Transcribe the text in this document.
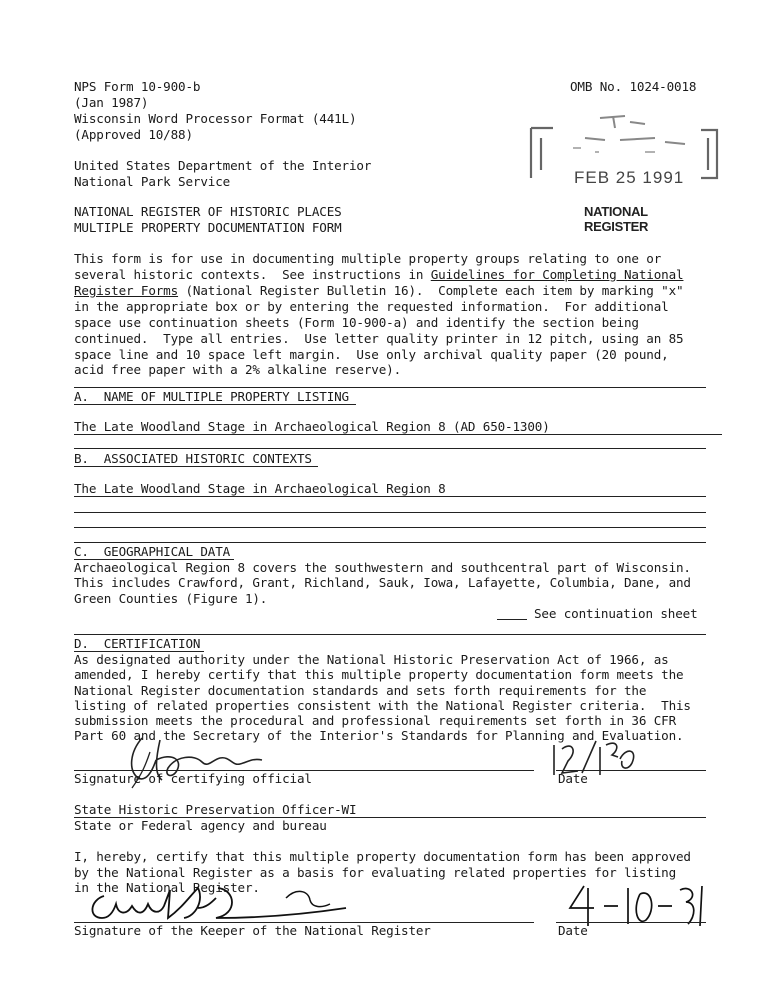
NPS Form 10-900-b
(Jan 1987)
Wisconsin Word Processor Format (441L)
(Approved 10/88)
OMB No. 1024-0018
United States Department of the Interior
National Park Service
NATIONAL REGISTER OF HISTORIC PLACES
MULTIPLE PROPERTY DOCUMENTATION FORM
FEB 25 1991
NATIONAL
REGISTER
This form is for use in documenting multiple property groups relating to one or
several historic contexts.  See instructions in Guidelines for Completing National
Register Forms (National Register Bulletin 16).  Complete each item by marking "x"
in the appropriate box or by entering the requested information.  For additional
space use continuation sheets (Form 10-900-a) and identify the section being
continued.  Type all entries.  Use letter quality printer in 12 pitch, using an 85
space line and 10 space left margin.  Use only archival quality paper (20 pound,
acid free paper with a 2% alkaline reserve).
A.  NAME OF MULTIPLE PROPERTY LISTING
The Late Woodland Stage in Archaeological Region 8 (AD 650-1300)
B.  ASSOCIATED HISTORIC CONTEXTS
The Late Woodland Stage in Archaeological Region 8
C.  GEOGRAPHICAL DATA
Archaeological Region 8 covers the southwestern and southcentral part of Wisconsin.
This includes Crawford, Grant, Richland, Sauk, Iowa, Lafayette, Columbia, Dane, and
Green Counties (Figure 1).
See continuation sheet
D.  CERTIFICATION
As designated authority under the National Historic Preservation Act of 1966, as
amended, I hereby certify that this multiple property documentation form meets the
National Register documentation standards and sets forth requirements for the
listing of related properties consistent with the National Register criteria.  This
submission meets the procedural and professional requirements set forth in 36 CFR
Part 60 and the Secretary of the Interior's Standards for Planning and Evaluation.
Signature of certifying official	Date
State Historic Preservation Officer-WI
State or Federal agency and bureau
I, hereby, certify that this multiple property documentation form has been approved
by the National Register as a basis for evaluating related properties for listing
in the National Register.
Signature of the Keeper of the National Register	Date
